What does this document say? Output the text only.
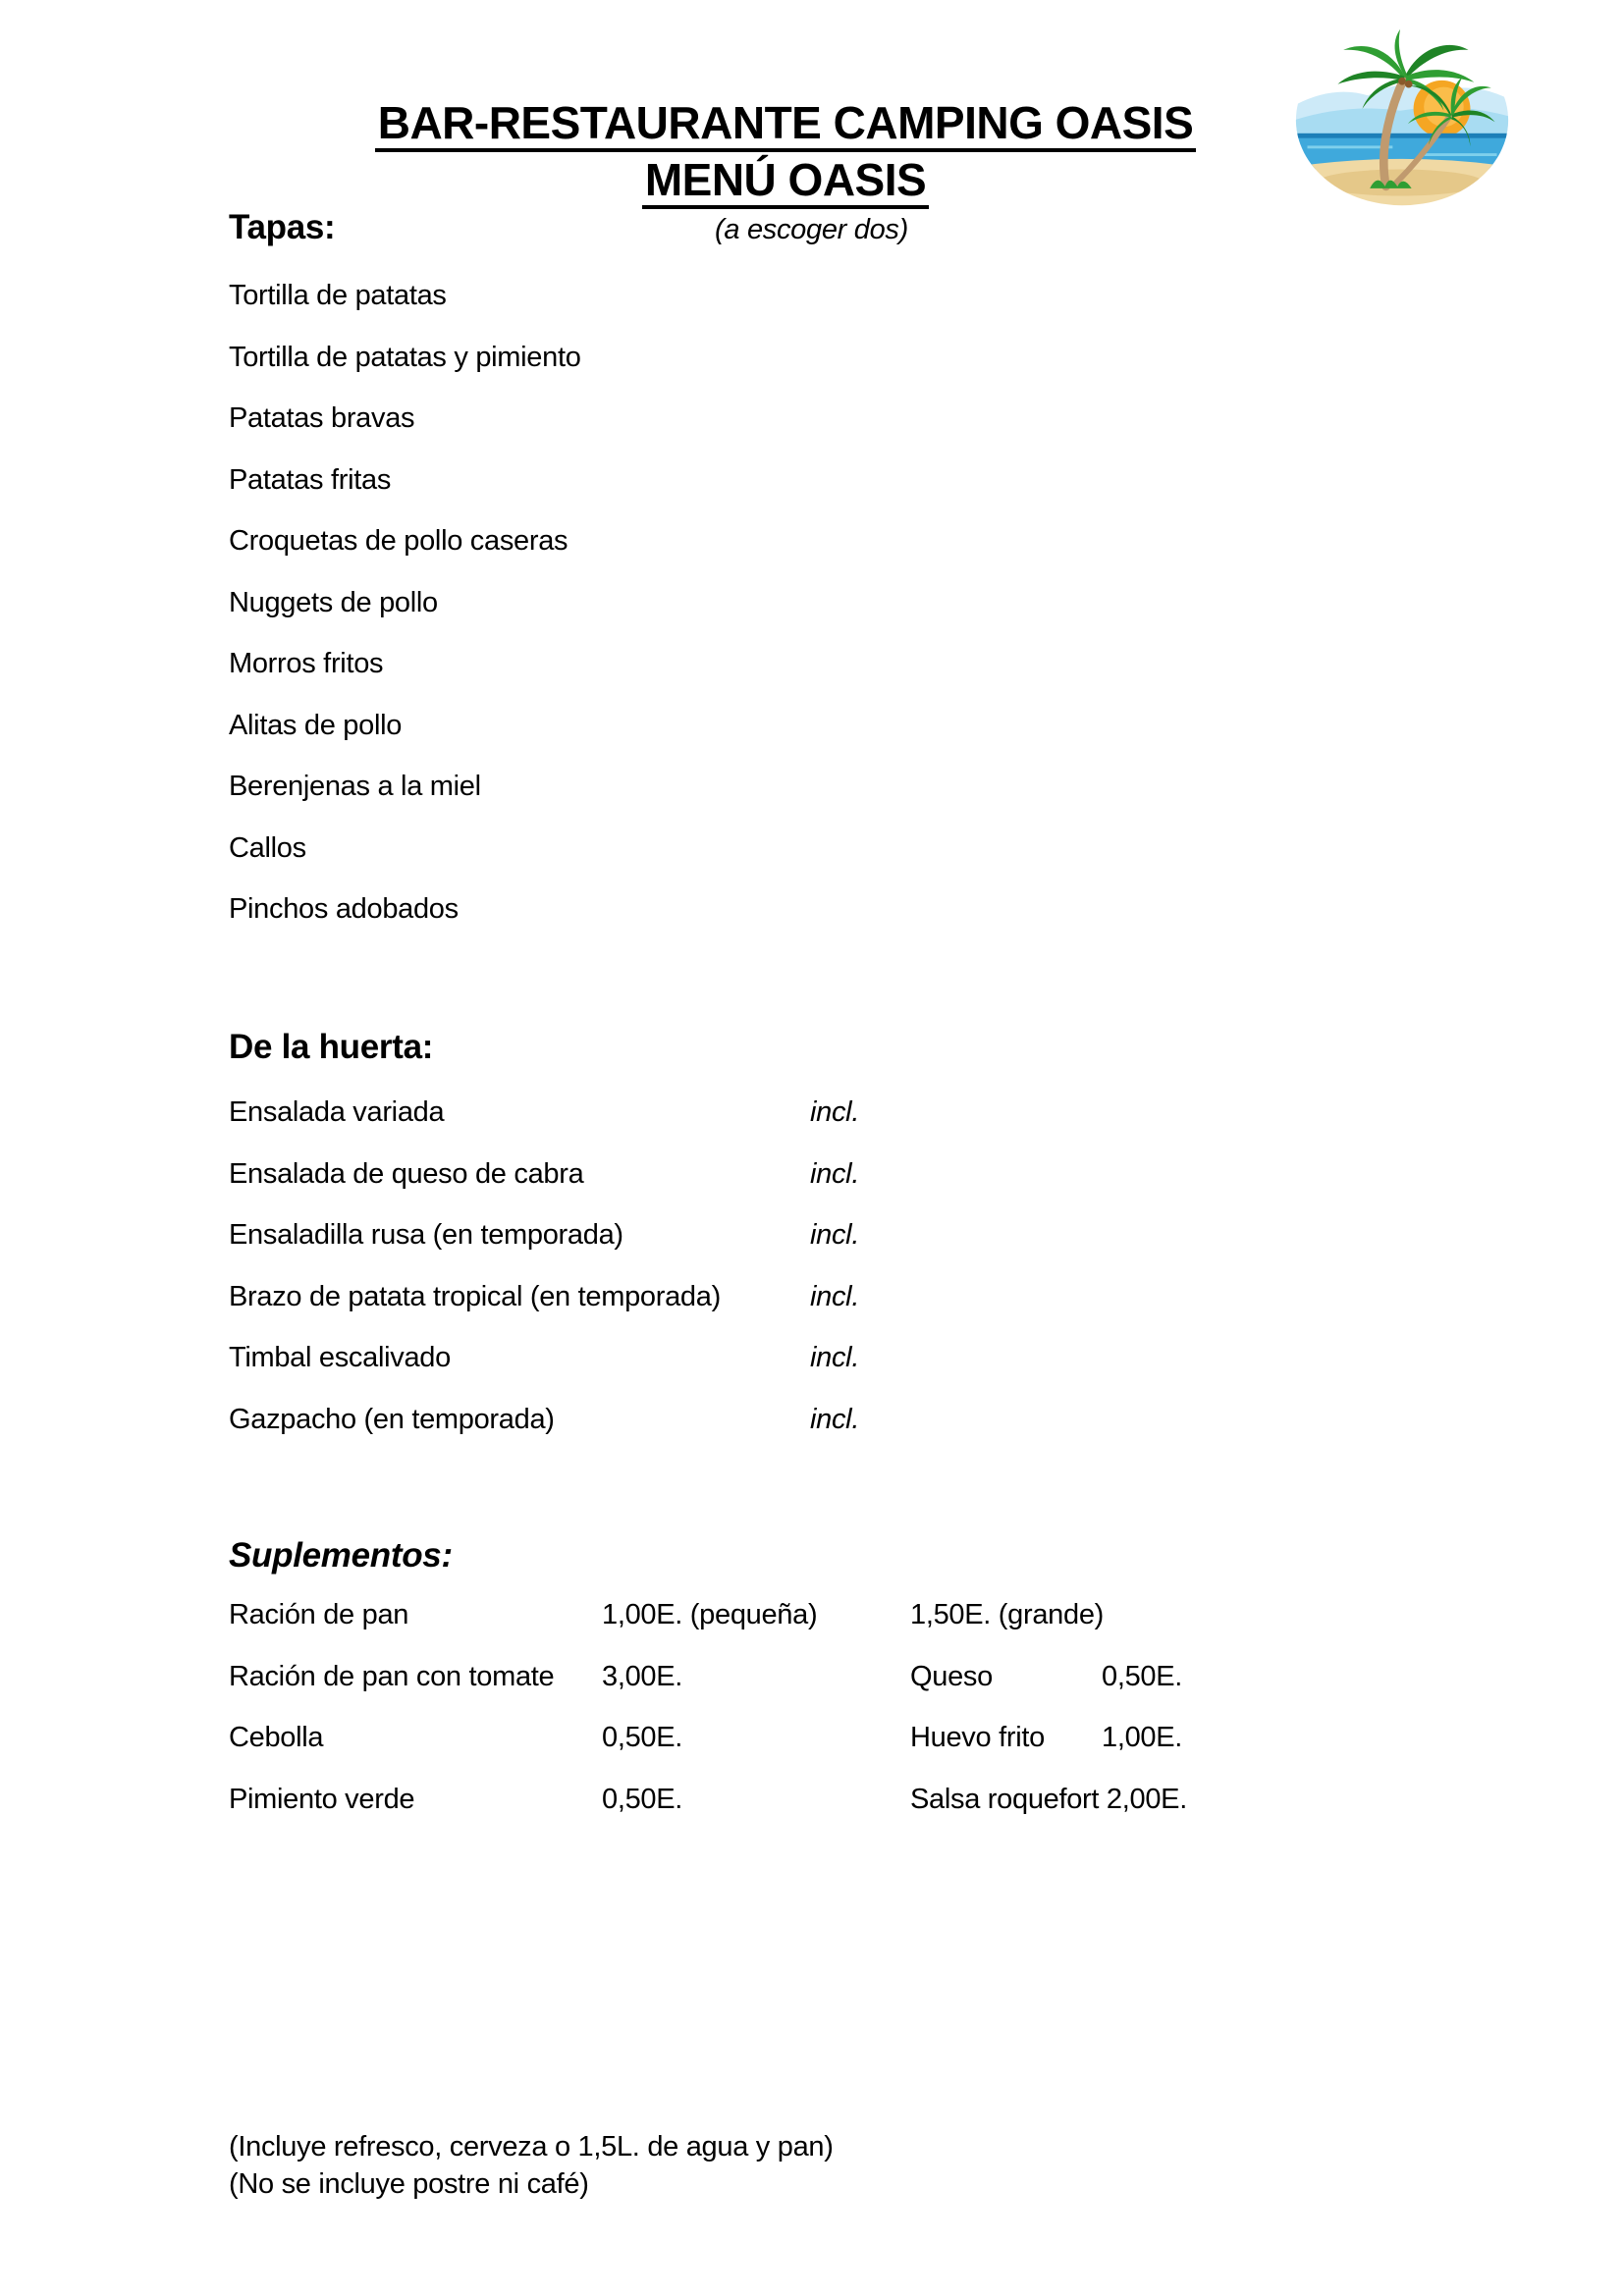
BAR-RESTAURANTE CAMPING OASIS
MENÚ OASIS
Tapas:	(a escoger dos)
Tortilla de patatas
Tortilla de patatas y pimiento
Patatas bravas
Patatas fritas
Croquetas de pollo caseras
Nuggets de pollo
Morros fritos
Alitas de pollo
Berenjenas a la miel
Callos
Pinchos adobados
De la huerta:
Ensalada variada	incl.
Ensalada de queso de cabra	incl.
Ensaladilla rusa (en temporada)	incl.
Brazo de patata tropical (en temporada)	incl.
Timbal escalivado	incl.
Gazpacho (en temporada)	incl.
Suplementos:
Ración de pan	1,00E. (pequeña)	1,50E. (grande)
Ración de pan con tomate 3,00E.	Queso	0,50E.
Cebolla	0,50E.	Huevo frito 1,00E.
Pimiento verde	0,50E.	Salsa roquefort 2,00E.
(Incluye refresco, cerveza o 1,5L. de agua y pan)
(No se incluye postre ni café)
